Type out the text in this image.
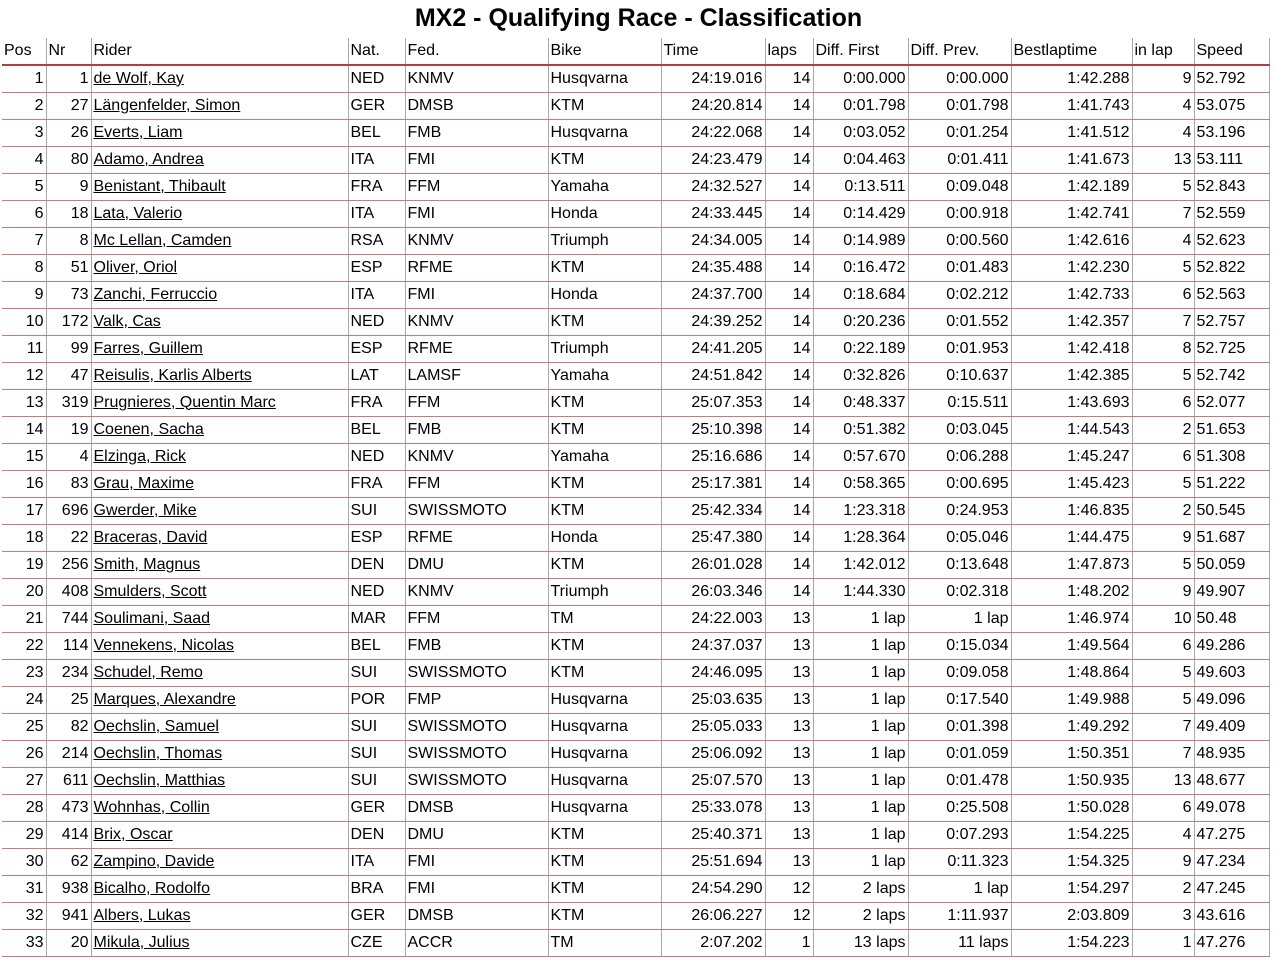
MX2 - Qualifying Race - Classification
Pos	Nr	Rider	Nat.	Fed.	Bike	Time	laps	Diff. First	Diff. Prev.	Bestlaptime	in lap	Speed
1	1	de Wolf, Kay	NED	KNMV	Husqvarna	24:19.016	14	0:00.000	0:00.000	1:42.288	9	52.792
2	27	Längenfelder, Simon	GER	DMSB	KTM	24:20.814	14	0:01.798	0:01.798	1:41.743	4	53.075
3	26	Everts, Liam	BEL	FMB	Husqvarna	24:22.068	14	0:03.052	0:01.254	1:41.512	4	53.196
4	80	Adamo, Andrea	ITA	FMI	KTM	24:23.479	14	0:04.463	0:01.411	1:41.673	13	53.111
5	9	Benistant, Thibault	FRA	FFM	Yamaha	24:32.527	14	0:13.511	0:09.048	1:42.189	5	52.843
6	18	Lata, Valerio	ITA	FMI	Honda	24:33.445	14	0:14.429	0:00.918	1:42.741	7	52.559
7	8	Mc Lellan, Camden	RSA	KNMV	Triumph	24:34.005	14	0:14.989	0:00.560	1:42.616	4	52.623
8	51	Oliver, Oriol	ESP	RFME	KTM	24:35.488	14	0:16.472	0:01.483	1:42.230	5	52.822
9	73	Zanchi, Ferruccio	ITA	FMI	Honda	24:37.700	14	0:18.684	0:02.212	1:42.733	6	52.563
10	172	Valk, Cas	NED	KNMV	KTM	24:39.252	14	0:20.236	0:01.552	1:42.357	7	52.757
11	99	Farres, Guillem	ESP	RFME	Triumph	24:41.205	14	0:22.189	0:01.953	1:42.418	8	52.725
12	47	Reisulis, Karlis Alberts	LAT	LAMSF	Yamaha	24:51.842	14	0:32.826	0:10.637	1:42.385	5	52.742
13	319	Prugnieres, Quentin Marc	FRA	FFM	KTM	25:07.353	14	0:48.337	0:15.511	1:43.693	6	52.077
14	19	Coenen, Sacha	BEL	FMB	KTM	25:10.398	14	0:51.382	0:03.045	1:44.543	2	51.653
15	4	Elzinga, Rick	NED	KNMV	Yamaha	25:16.686	14	0:57.670	0:06.288	1:45.247	6	51.308
16	83	Grau, Maxime	FRA	FFM	KTM	25:17.381	14	0:58.365	0:00.695	1:45.423	5	51.222
17	696	Gwerder, Mike	SUI	SWISSMOTO	KTM	25:42.334	14	1:23.318	0:24.953	1:46.835	2	50.545
18	22	Braceras, David	ESP	RFME	Honda	25:47.380	14	1:28.364	0:05.046	1:44.475	9	51.687
19	256	Smith, Magnus	DEN	DMU	KTM	26:01.028	14	1:42.012	0:13.648	1:47.873	5	50.059
20	408	Smulders, Scott	NED	KNMV	Triumph	26:03.346	14	1:44.330	0:02.318	1:48.202	9	49.907
21	744	Soulimani, Saad	MAR	FFM	TM	24:22.003	13	1 lap	1 lap	1:46.974	10	50.48
22	114	Vennekens, Nicolas	BEL	FMB	KTM	24:37.037	13	1 lap	0:15.034	1:49.564	6	49.286
23	234	Schudel, Remo	SUI	SWISSMOTO	KTM	24:46.095	13	1 lap	0:09.058	1:48.864	5	49.603
24	25	Marques, Alexandre	POR	FMP	Husqvarna	25:03.635	13	1 lap	0:17.540	1:49.988	5	49.096
25	82	Oechslin, Samuel	SUI	SWISSMOTO	Husqvarna	25:05.033	13	1 lap	0:01.398	1:49.292	7	49.409
26	214	Oechslin, Thomas	SUI	SWISSMOTO	Husqvarna	25:06.092	13	1 lap	0:01.059	1:50.351	7	48.935
27	611	Oechslin, Matthias	SUI	SWISSMOTO	Husqvarna	25:07.570	13	1 lap	0:01.478	1:50.935	13	48.677
28	473	Wohnhas, Collin	GER	DMSB	Husqvarna	25:33.078	13	1 lap	0:25.508	1:50.028	6	49.078
29	414	Brix, Oscar	DEN	DMU	KTM	25:40.371	13	1 lap	0:07.293	1:54.225	4	47.275
30	62	Zampino, Davide	ITA	FMI	KTM	25:51.694	13	1 lap	0:11.323	1:54.325	9	47.234
31	938	Bicalho, Rodolfo	BRA	FMI	KTM	24:54.290	12	2 laps	1 lap	1:54.297	2	47.245
32	941	Albers, Lukas	GER	DMSB	KTM	26:06.227	12	2 laps	1:11.937	2:03.809	3	43.616
33	20	Mikula, Julius	CZE	ACCR	TM	2:07.202	1	13 laps	11 laps	1:54.223	1	47.276
